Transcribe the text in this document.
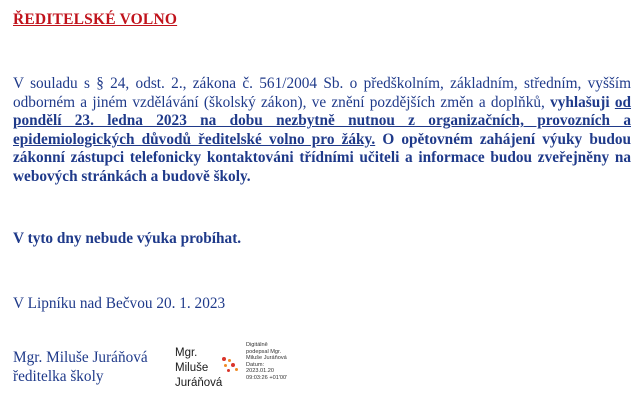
ŘEDITELSKÉ VOLNO
V souladu s § 24, odst. 2., zákona č. 561/2004 Sb. o předškolním, základním, středním, vyšším odborném a jiném vzdělávání (školský zákon), ve znění pozdějších změn a doplňků, vyhlašuji od pondělí 23. ledna 2023 na dobu nezbytně nutnou z organizačních, provozních a epidemiologických důvodů ředitelské volno pro žáky. O opětovném zahájení výuky budou zákonní zástupci telefonicky kontaktováni třídními učiteli a informace budou zveřejněny na webových stránkách a budově školy.
V tyto dny nebude výuka probíhat.
V Lipníku nad Bečvou 20. 1. 2023
Mgr. Miluše Juráňová
ředitelka školy
Mgr.
Miluše
Juráňová
Digitálně
podepsal Mgr.
Miluše Juráňová
Datum:
2023.01.20
09:03:26 +01'00'
